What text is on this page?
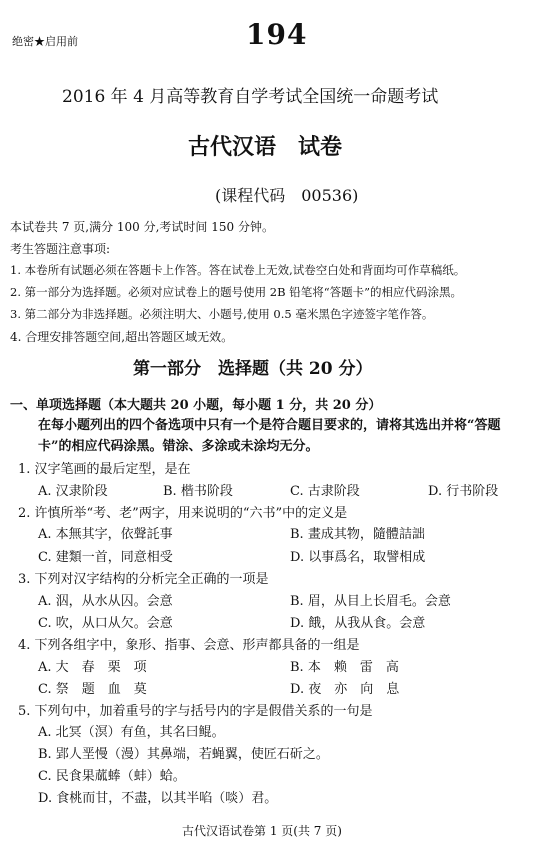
绝密★启用前	194
2016 年 4 月高等教育自学考试全国统一命题考试
古代汉语　试卷
(课程代码　00536)
本试卷共 7 页,满分 100 分,考试时间 150 分钟。
考生答题注意事项:
1. 本卷所有试题必须在答题卡上作答。答在试卷上无效,试卷空白处和背面均可作草稿纸。
2. 第一部分为选择题。必须对应试卷上的题号使用 2B 铅笔将“答题卡”的相应代码涂黑。
3. 第二部分为非选择题。必须注明大、小题号,使用 0.5 毫米黑色字迹签字笔作答。
4. 合理安排答题空间,超出答题区域无效。
第一部分　选择题（共 20 分）
一、单项选择题（本大题共 20 小题，每小题 1 分，共 20 分）
在每小题列出的四个备选项中只有一个是符合题目要求的，请将其选出并将“答题
卡”的相应代码涂黑。错涂、多涂或未涂均无分。
1. 汉字笔画的最后定型，是在
A. 汉隶阶段	B. 楷书阶段	C. 古隶阶段	D. 行书阶段
2. 许慎所举“考、老”两字，用来说明的“六书”中的定义是
A. 本無其字，依聲託事	B. 畫成其物，隨體詰詘
C. 建類一首，同意相受	D. 以事爲名，取譬相成
3. 下列对汉字结构的分析完全正确的一项是
A. 泅，从水从囚。会意	B. 眉，从目上长眉毛。会意
C. 吹，从口从欠。会意	D. 餓，从我从食。会意
4. 下列各组字中，象形、指事、会意、形声都具备的一组是
A. 大　春　栗　项	B. 本　赖　雷　高
C. 祭　题　血　莫	D. 夜　亦　向　息
5. 下列句中，加着重号的字与括号内的字是假借关系的一句是
A. 北冥（溟）有鱼，其名曰鲲。
B. 郢人垩慢（漫）其鼻端，若蝇翼，使匠石斫之。
C. 民食果蓏蜯（蚌）蛤。
D. 食桃而甘，不盡，以其半啗（啖）君。
古代汉语试卷第 1 页(共 7 页)
